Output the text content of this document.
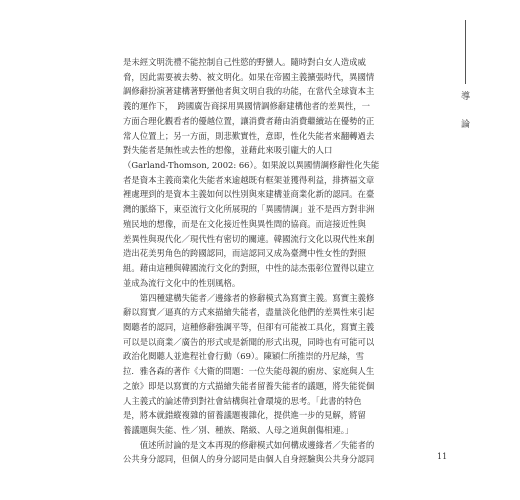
導
論

是未經文明洗禮不能控制自己性慾的野蠻人。隨時對白女人造成威
脅，因此需要被去勢、被文明化。如果在帝國主義擴張時代，異國情
調修辭扮演著建構著野蠻他者與文明自我的功能，在當代全球資本主
義的運作下，　跨國廣告商採用異國情調修辭建構他者的差異性，一
方面合理化觀看者的優越位置，讓消費者藉由消費繼續站在優勢的正
常人位置上；另一方面，則悲歎實性，意即，性化失能者來翻轉過去
對失能者是無性或去性的想像，並藉此來吸引龐大的人口
（Garland-Thomson, 2002: 66）。如果說以異國情調修辭性化失能
者是資本主義商業化失能者來逾越既有框架並獲得利益，排擠福文章
裡處理到的是資本主義如何以性別與來建構並商業化新的認同。在臺
灣的脈絡下，東亞流行文化所展現的「異國情調」並不是西方對非洲
殖民地的想像，而是在文化接近性與異性間的協商。而這接近性與
差異性與現代化／現代性有密切的關連。韓國流行文化以現代性來創
造出花美男角色的跨國認同，而這認同又成為臺灣中性女性的對照
組。藉由這種與韓國流行文化的對照，中性的誌杰張彰位置得以建立
並成為流行文化中的性別風格。

　　第四種建構失能者／邊緣者的修辭模式為寫實主義。寫實主義修
辭以寫實／逼真的方式來描繪失能者，盡量淡化他們的差異性來引起
閱聽者的認同，這種修辭強調平等，但卻有可能被工具化，寫實主義
可以是以商業／廣告的形式或是新聞的形式出現，同時也有可能可以
政治化閱聽人並進程社會行動（69）。陳穎仁所推崇的丹尼絲，雪
拉．雅各森的著作《大衛的問題：一位失能母親的廚房、家庭與人生
之旅》即是以寫實的方式描繪失能者留養失能者的議題，將失能從個
人主義式的論述帶到對社會結構與社會環境的思考。「此書的特色
是，將本就錯縱複雜的留養議題複雜化，提供進一步的見解，將留
養議題與失能、性／別、種族、階級、人母之道與創傷相連。」

　　值述所討論的是文本再現的修辭模式如何構成邊緣者／失能者的
公共身分認同，但個人的身分認同是由個人自身經驗與公共身分認同	11
